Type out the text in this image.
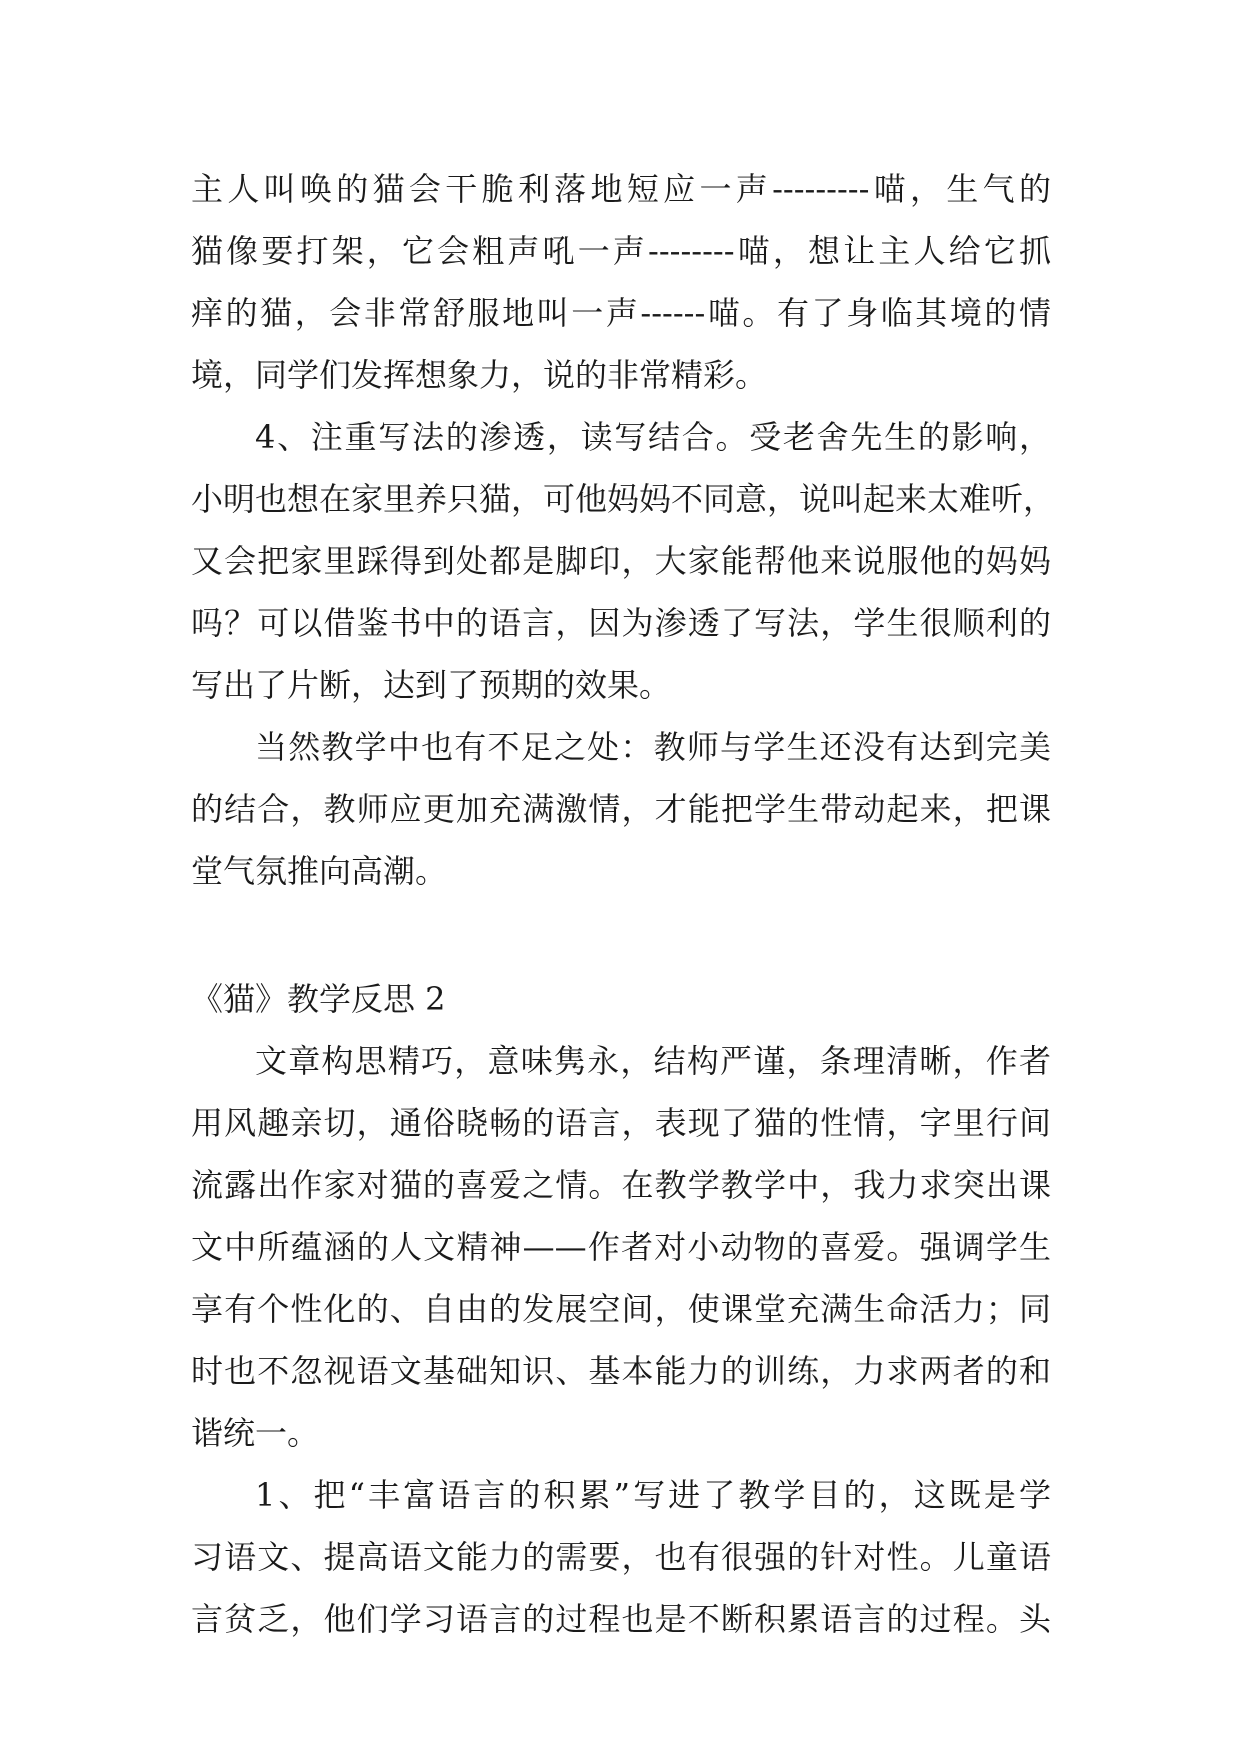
主人叫唤的猫会干脆利落地短应一声---------喵，生气的
猫像要打架，它会粗声吼一声--------喵，想让主人给它抓
痒的猫，会非常舒服地叫一声------喵。有了身临其境的情
境，同学们发挥想象力，说的非常精彩。
4、注重写法的渗透，读写结合。受老舍先生的影响，
小明也想在家里养只猫，可他妈妈不同意，说叫起来太难听，
又会把家里踩得到处都是脚印，大家能帮他来说服他的妈妈
吗？可以借鉴书中的语言，因为渗透了写法，学生很顺利的
写出了片断，达到了预期的效果。
当然教学中也有不足之处：教师与学生还没有达到完美
的结合，教师应更加充满激情，才能把学生带动起来，把课
堂气氛推向高潮。
《猫》教学反思 2
文章构思精巧，意味隽永，结构严谨，条理清晰，作者
用风趣亲切，通俗晓畅的语言，表现了猫的性情，字里行间
流露出作家对猫的喜爱之情。在教学教学中，我力求突出课
文中所蕴涵的人文精神——作者对小动物的喜爱。强调学生
享有个性化的、自由的发展空间，使课堂充满生命活力；同
时也不忽视语文基础知识、基本能力的训练，力求两者的和
谐统一。
1、把“丰富语言的积累”写进了教学目的，这既是学
习语文、提高语文能力的需要，也有很强的针对性。儿童语
言贫乏，他们学习语言的过程也是不断积累语言的过程。头
